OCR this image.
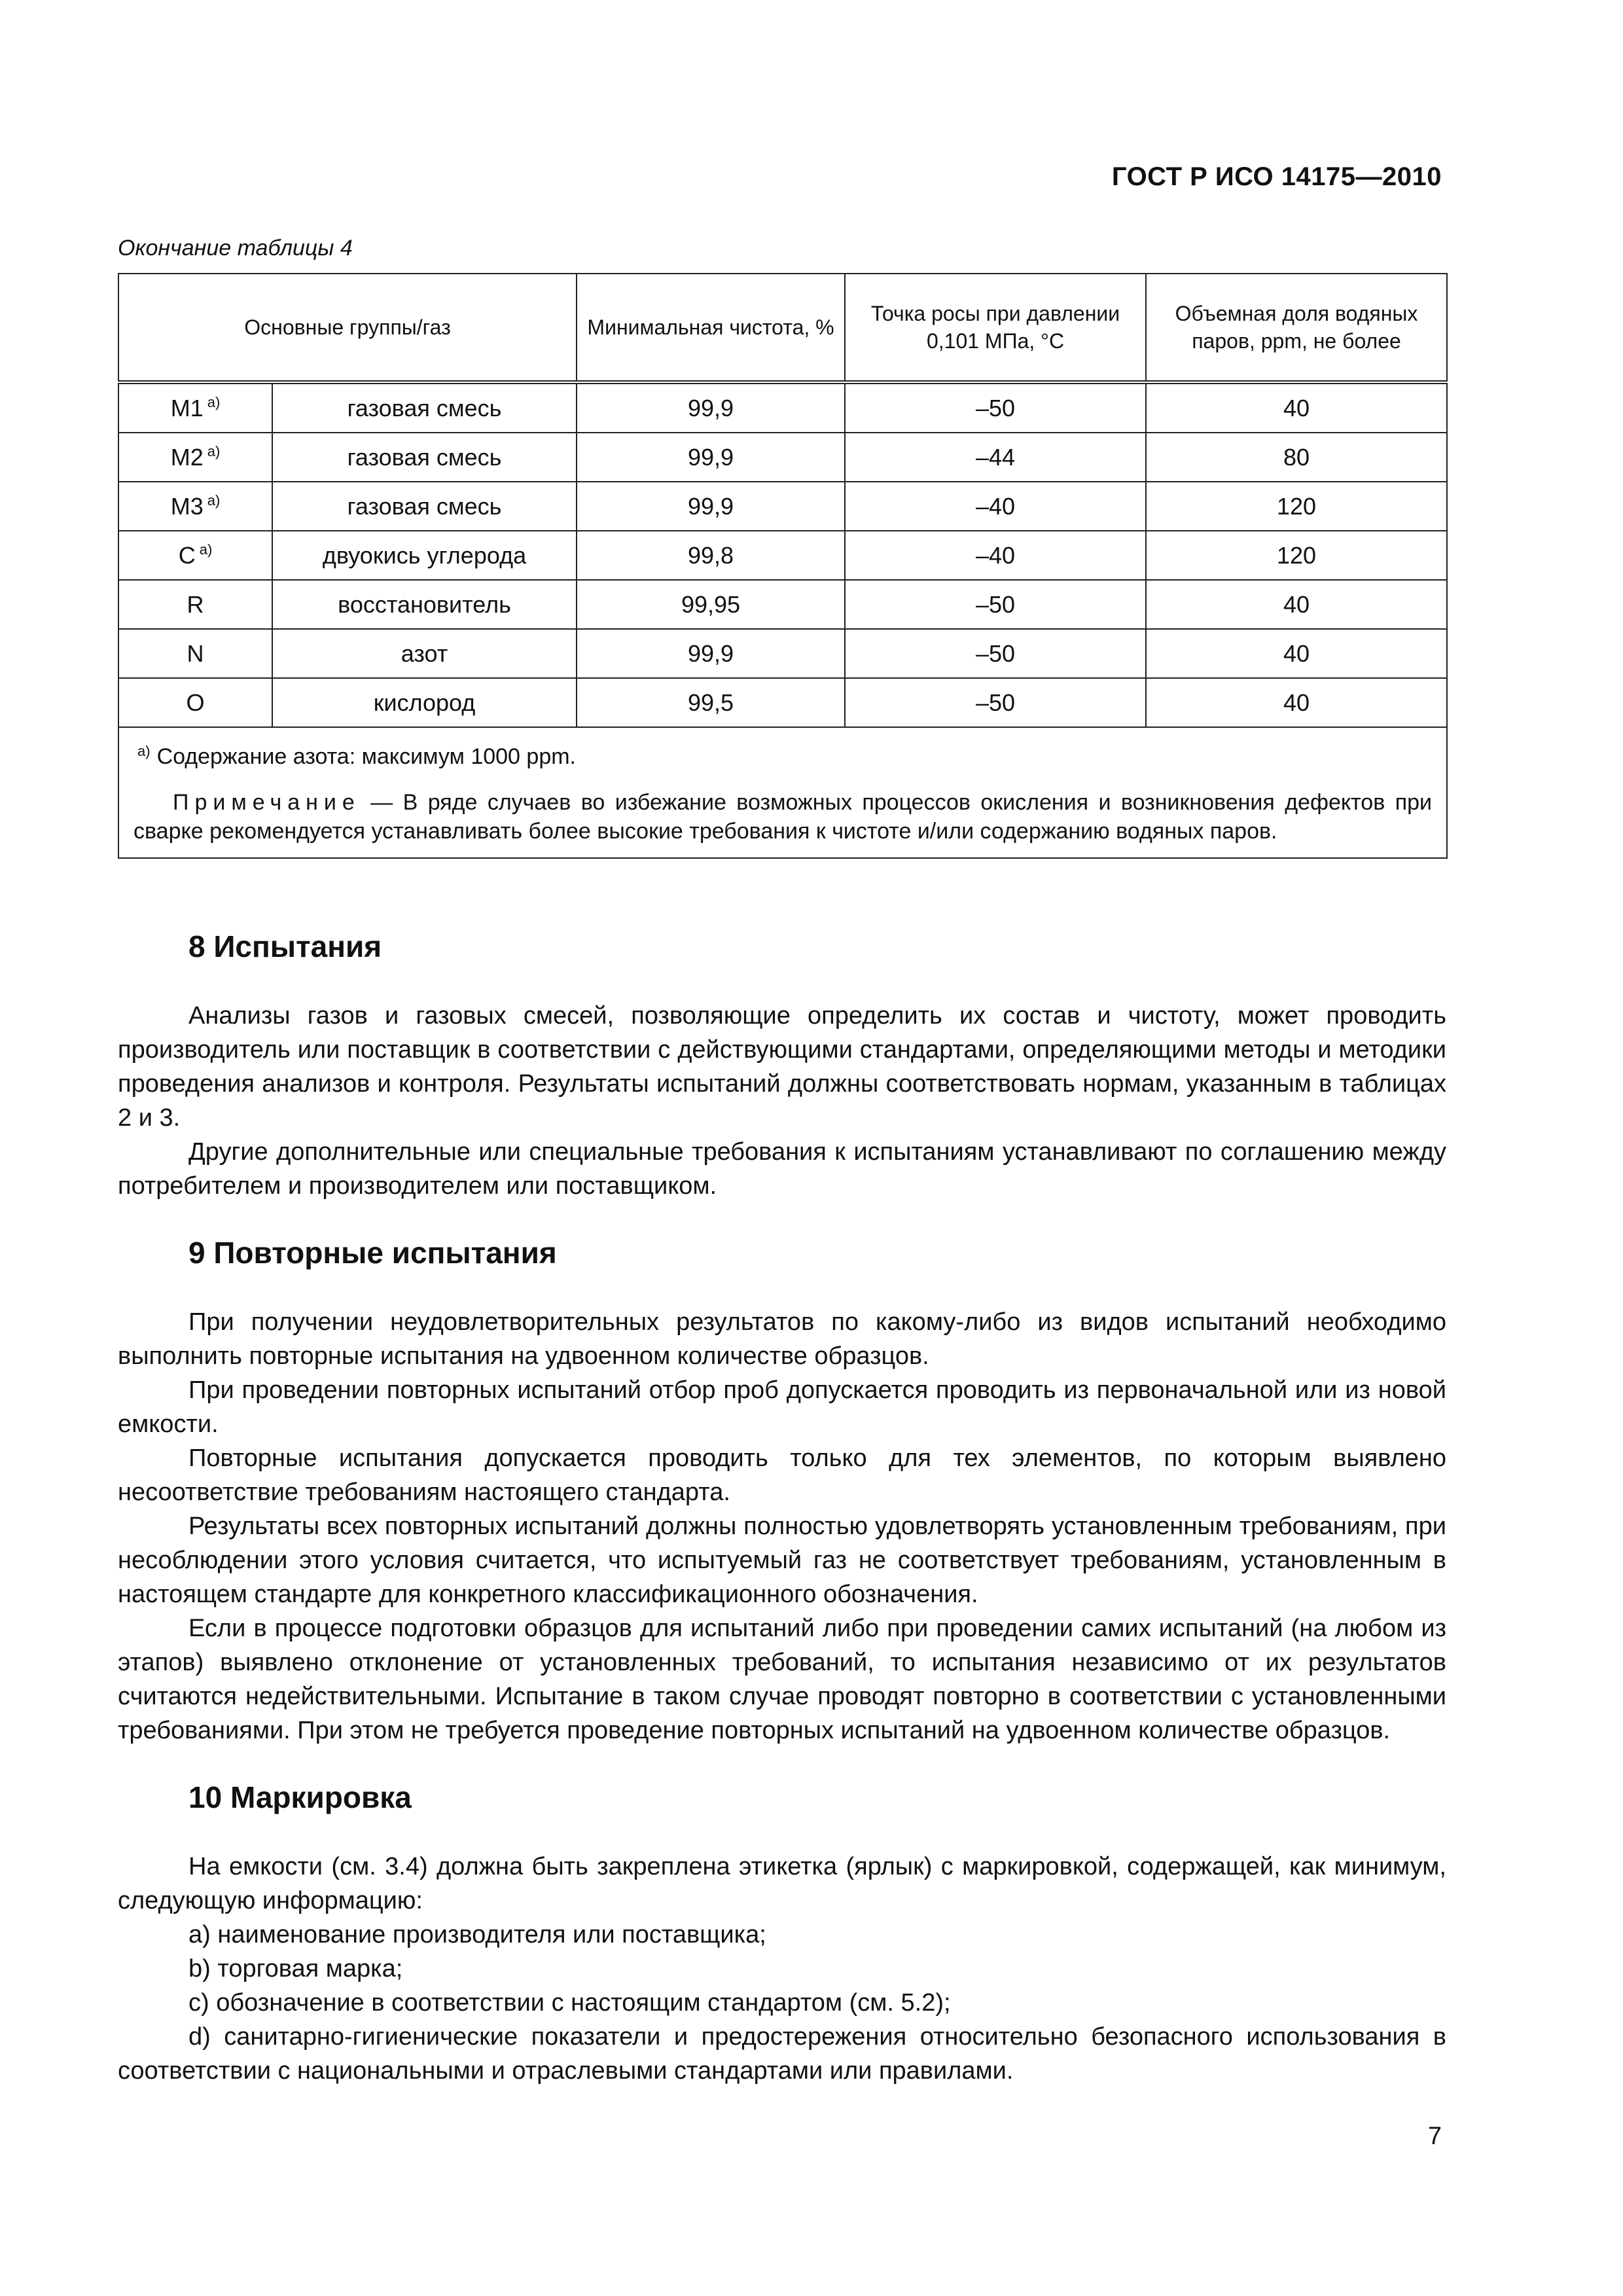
ГОСТ Р ИСО 14175—2010
Окончание таблицы 4
Основные группы/газ		Минимальная чистота, %	Точка росы при давлении 0,101 МПа, °С	Объемная доля водяных паров, ppm, не более
M1 $^{а)}$	газовая смесь	99,9	–50	40
M2 $^{а)}$	газовая смесь	99,9	–44	80
M3 $^{а)}$	газовая смесь	99,9	–40	120
C $^{а)}$	двуокись углерода	99,8	–40	120
R	восстановитель	99,95	–50	40
N	азот	99,9	–50	40
O	кислород	99,5	–50	40

$^{а)}$ Содержание азота: максимум 1000 ppm.

Примечание — В ряде случаев во избежание возможных процессов окисления и возникновения дефектов при сварке рекомендуется устанавливать более высокие требования к чистоте и/или содержанию водяных паров.				

8 Испытания

Анализы газов и газовых смесей, позволяющие определить их состав и чистоту, может проводить производитель или поставщик в соответствии с действующими стандартами, определяющими методы и методики проведения анализов и контроля. Результаты испытаний должны соответствовать нормам, указанным в таблицах 2 и 3.

Другие дополнительные или специальные требования к испытаниям устанавливают по соглашению между потребителем и производителем или поставщиком.

9 Повторные испытания

При получении неудовлетворительных результатов по какому-либо из видов испытаний необходимо выполнить повторные испытания на удвоенном количестве образцов.

При проведении повторных испытаний отбор проб допускается проводить из первоначальной или из новой емкости.

Повторные испытания допускается проводить только для тех элементов, по которым выявлено несоответствие требованиям настоящего стандарта.

Результаты всех повторных испытаний должны полностью удовлетворять установленным требованиям, при несоблюдении этого условия считается, что испытуемый газ не соответствует требованиям, установленным в настоящем стандарте для конкретного классификационного обозначения.

Если в процессе подготовки образцов для испытаний либо при проведении самих испытаний (на любом из этапов) выявлено отклонение от установленных требований, то испытания независимо от их результатов считаются недействительными. Испытание в таком случае проводят повторно в соответствии с установленными требованиями. При этом не требуется проведение повторных испытаний на удвоенном количестве образцов.

10 Маркировка

На емкости (см. 3.4) должна быть закреплена этикетка (ярлык) с маркировкой, содержащей, как минимум, следующую информацию:

a) наименование производителя или поставщика;

b) торговая марка;

c) обозначение в соответствии с настоящим стандартом (см. 5.2);

d) санитарно-гигиенические показатели и предостережения относительно безопасного использования в соответствии с национальными и отраслевыми стандартами или правилами.

7
